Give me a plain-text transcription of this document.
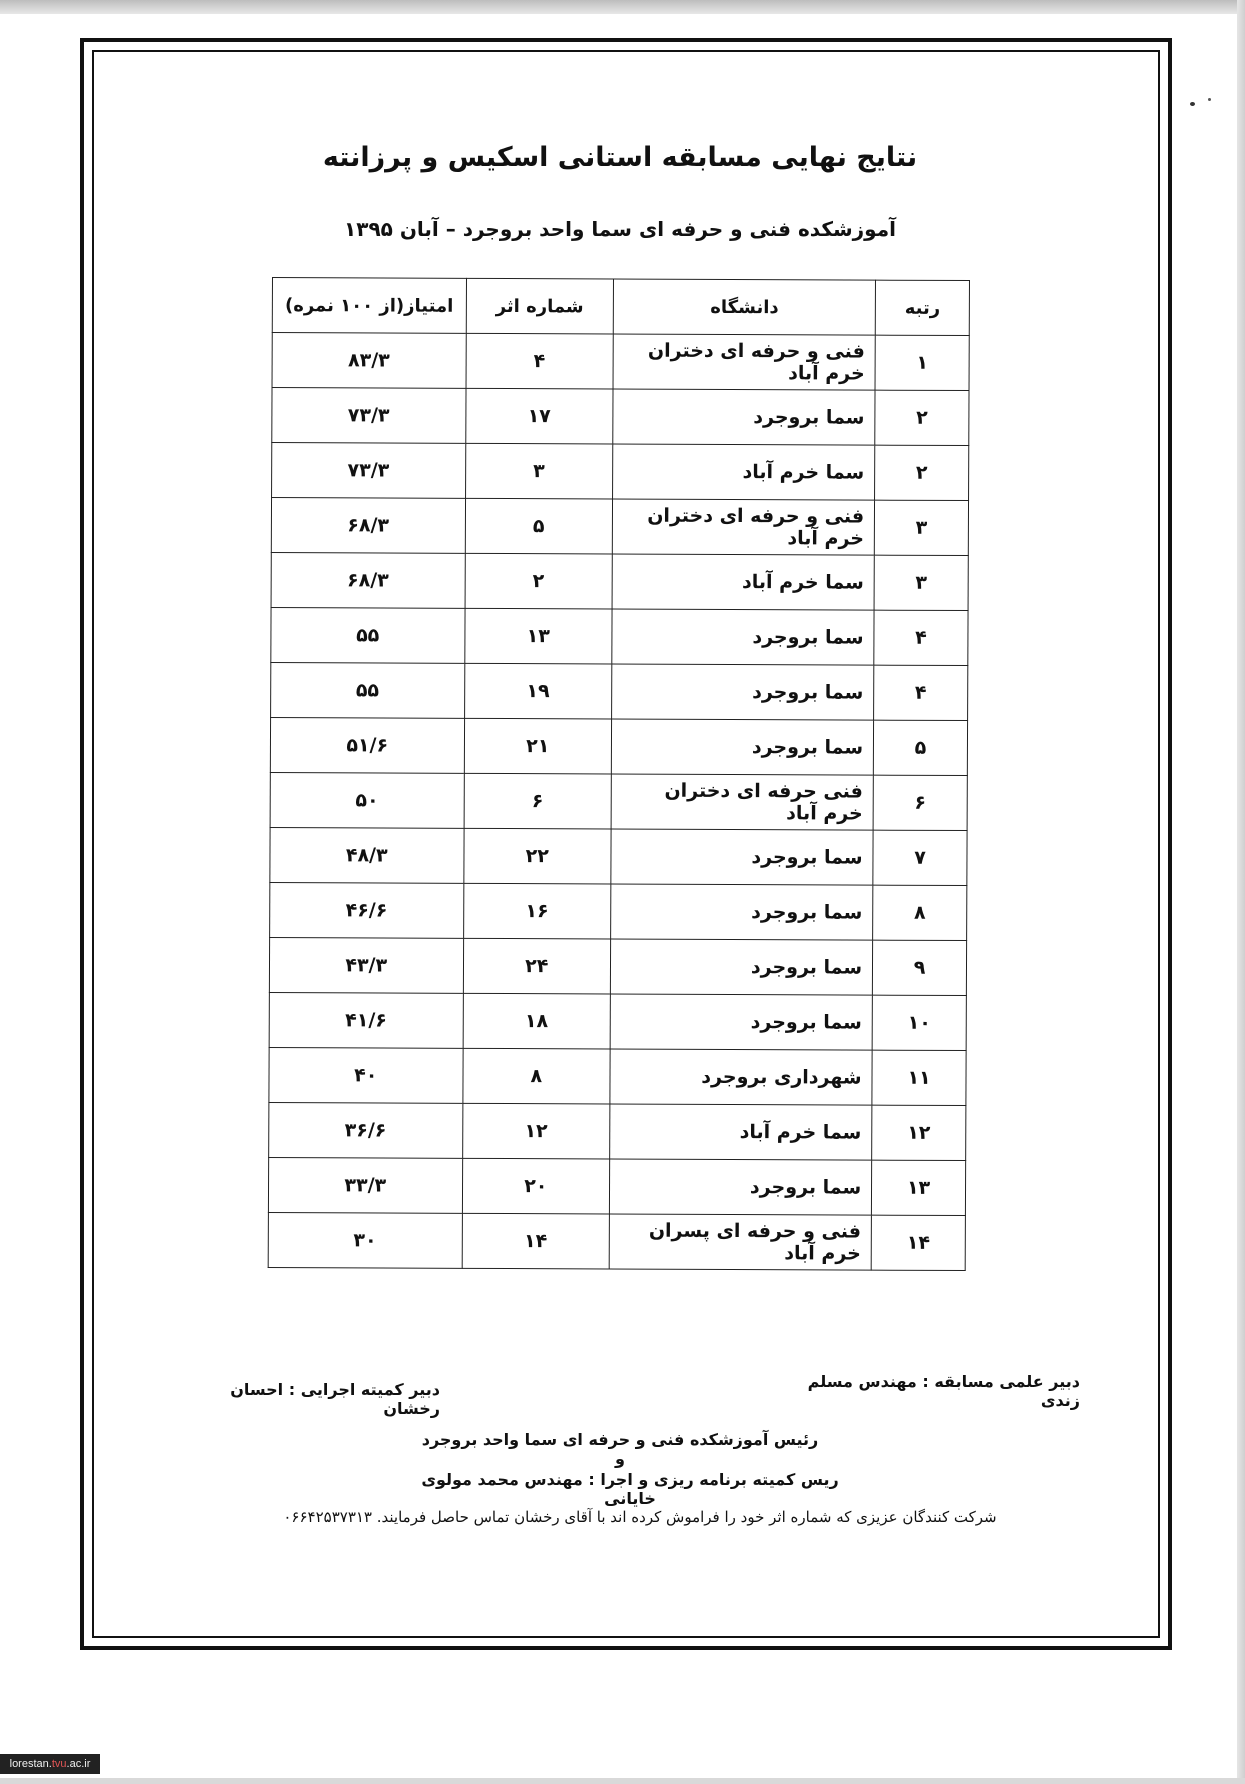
نتایج نهایی مسابقه استانی اسکیس و پرزانته
آموزشکده فنی و حرفه ای سما واحد بروجرد – آبان ۱۳۹۵
رتبه	دانشگاه	شماره اثر	امتیاز(از ۱۰۰ نمره)
۱	فنی و حرفه ای دختران خرم آباد	۴	۸۳/۳
۲	سما بروجرد	۱۷	۷۳/۳
۲	سما خرم آباد	۳	۷۳/۳
۳	فنی و حرفه ای دختران خرم آباد	۵	۶۸/۳
۳	سما خرم آباد	۲	۶۸/۳
۴	سما بروجرد	۱۳	۵۵
۴	سما بروجرد	۱۹	۵۵
۵	سما بروجرد	۲۱	۵۱/۶
۶	فنی حرفه ای دختران خرم آباد	۶	۵۰
۷	سما بروجرد	۲۲	۴۸/۳
۸	سما بروجرد	۱۶	۴۶/۶
۹	سما بروجرد	۲۴	۴۳/۳
۱۰	سما بروجرد	۱۸	۴۱/۶
۱۱	شهرداری بروجرد	۸	۴۰
۱۲	سما خرم آباد	۱۲	۳۶/۶
۱۳	سما بروجرد	۲۰	۳۳/۳
۱۴	فنی و حرفه ای پسران خرم آباد	۱۴	۳۰
دبیر علمی مسابقه : مهندس مسلم زندی
دبیر کمیته اجرایی : احسان رخشان
رئیس آموزشکده فنی و حرفه ای سما واحد بروجرد و
ریس کمیته برنامه ریزی و اجرا : مهندس محمد مولوی خایانی
شرکت کنندگان عزیزی که شماره اثر خود را فراموش کرده اند با آقای رخشان تماس حاصل فرمایند. ۰۶۶۴۲۵۳۷۳۱۳
lorestan.tvu.ac.ir
